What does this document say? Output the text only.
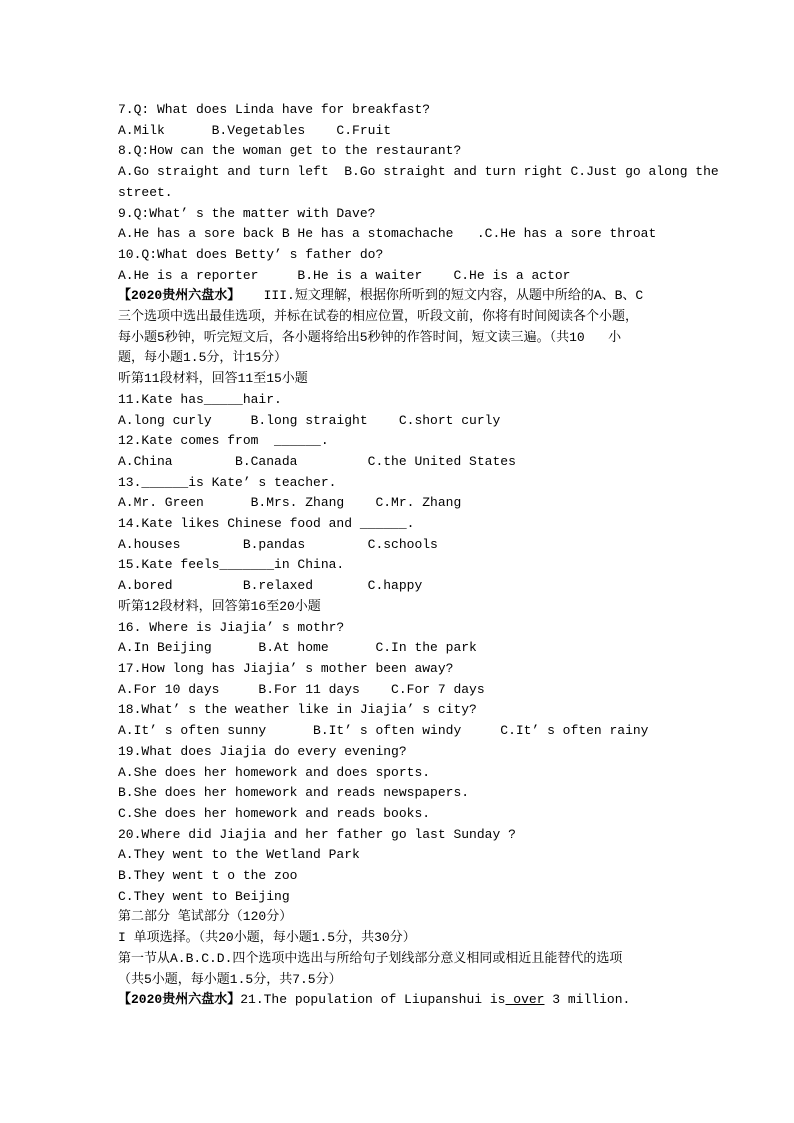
7.Q: What does Linda have for breakfast?
A.Milk      B.Vegetables    C.Fruit
8.Q:How can the woman get to the restaurant?
A.Go straight and turn left  B.Go straight and turn right C.Just go along the
street.
9.Q:What’ s the matter with Dave?
A.He has a sore back B He has a stomachache   .C.He has a sore throat
10.Q:What does Betty’ s father do?
A.He is a reporter     B.He is a waiter    C.He is a actor
【2020贵州六盘水】   III.短文理解，根据你所听到的短文内容，从题中所给的A、B、C
三个选项中选出最佳选项，并标在试卷的相应位置，听段文前，你将有时间阅读各个小题，
每小题5秒钟，听完短文后，各小题将给出5秒钟的作答时间，短文读三遍。（共10   小
题，每小题1.5分，计15分）
听第11段材料，回答11至15小题
11.Kate has_____hair.
A.long curly     B.long straight    C.short curly
12.Kate comes from  ______.
A.China        B.Canada         C.the United States
13.______is Kate’ s teacher.
A.Mr. Green      B.Mrs. Zhang    C.Mr. Zhang
14.Kate likes Chinese food and ______.
A.houses        B.pandas        C.schools
15.Kate feels_______in China.
A.bored         B.relaxed       C.happy
听第12段材料，回答第16至20小题
16. Where is Jiajia’ s mothr?
A.In Beijing      B.At home      C.In the park
17.How long has Jiajia’ s mother been away?
A.For 10 days     B.For 11 days    C.For 7 days
18.What’ s the weather like in Jiajia’ s city?
A.It’ s often sunny      B.It’ s often windy     C.It’ s often rainy
19.What does Jiajia do every evening?
A.She does her homework and does sports.
B.She does her homework and reads newspapers.
C.She does her homework and reads books.
20.Where did Jiajia and her father go last Sunday ?
A.They went to the Wetland Park
B.They went t o the zoo
C.They went to Beijing
第二部分 笔试部分（120分）
I 单项选择。（共20小题，每小题1.5分，共30分）
第一节从A.B.C.D.四个选项中选出与所给句子划线部分意义相同或相近且能替代的选项
（共5小题，每小题1.5分，共7.5分）
【2020贵州六盘水】21.The population of Liupanshui is over 3 million.
